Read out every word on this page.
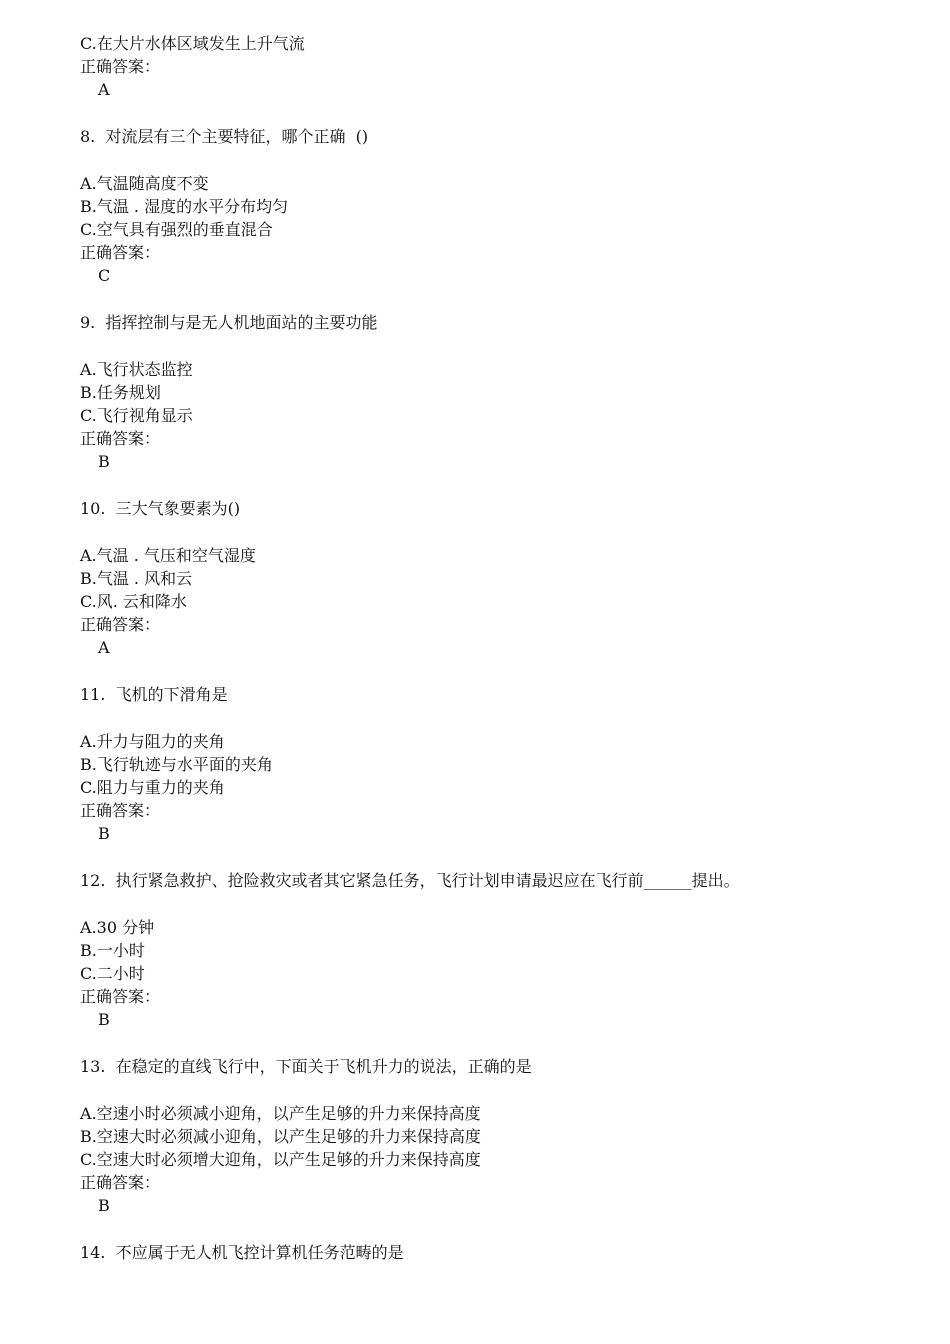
C.在大片水体区域发生上升气流
正确答案：
A
8.  对流层有三个主要特征，哪个正确  ()
A.气温随高度不变
B.气温 . 湿度的水平分布均匀
C.空气具有强烈的垂直混合
正确答案：
C
9.  指挥控制与是无人机地面站的主要功能
A.飞行状态监控
B.任务规划
C.飞行视角显示
正确答案：
B
10.  三大气象要素为()
A.气温 . 气压和空气湿度
B.气温 . 风和云
C.风. 云和降水
正确答案：
A
11.  飞机的下滑角是
A.升力与阻力的夹角
B.飞行轨迹与水平面的夹角
C.阻力与重力的夹角
正确答案：
B
12.  执行紧急救护、抢险救灾或者其它紧急任务，飞行计划申请最迟应在飞行前______提出。
A.30 分钟
B.一小时
C.二小时
正确答案：
B
13.  在稳定的直线飞行中，下面关于飞机升力的说法，正确的是
A.空速小时必须减小迎角，以产生足够的升力来保持高度
B.空速大时必须减小迎角，以产生足够的升力来保持高度
C.空速大时必须增大迎角，以产生足够的升力来保持高度
正确答案：
B
14.  不应属于无人机飞控计算机任务范畴的是
